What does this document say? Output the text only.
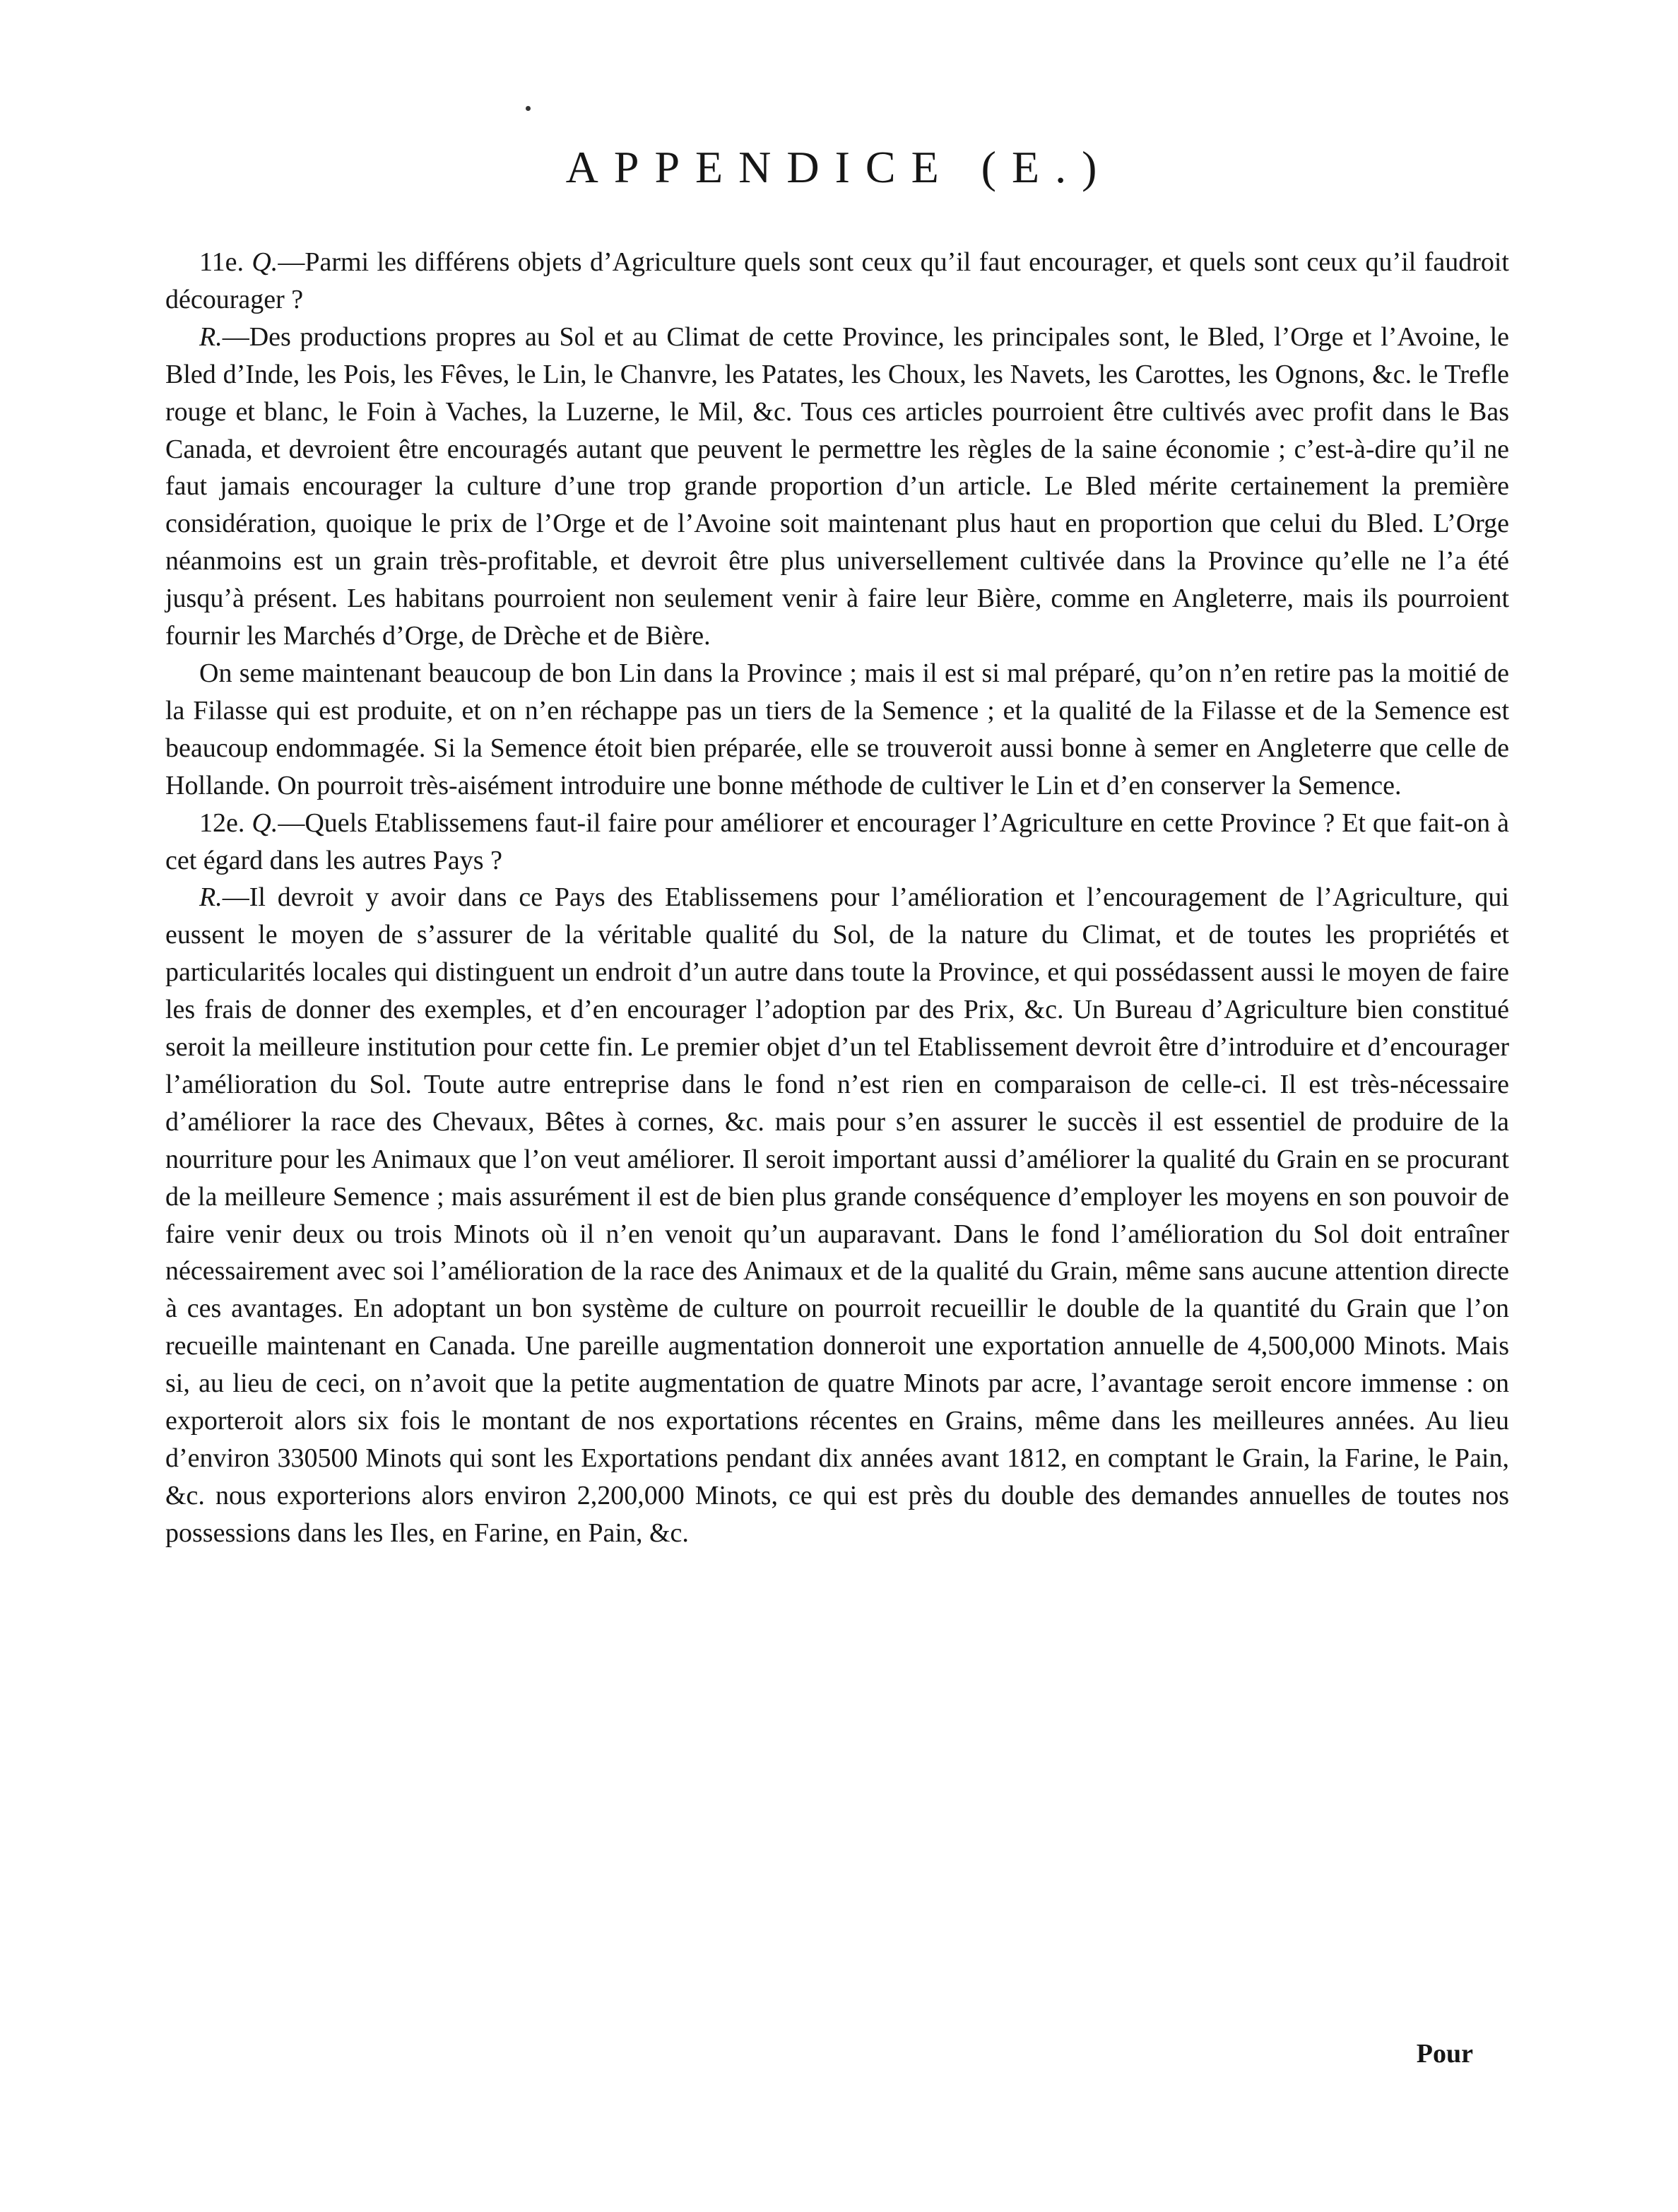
APPENDICE (E.)

11e. Q.—Parmi les différens objets d’Agriculture quels sont ceux qu’il faut encourager, et quels sont ceux qu’il faudroit décourager ?

R.—Des productions propres au Sol et au Climat de cette Province, les principales sont, le Bled, l’Orge et l’Avoine, le Bled d’Inde, les Pois, les Fêves, le Lin, le Chanvre, les Patates, les Choux, les Navets, les Carottes, les Ognons, &c. le Trefle rouge et blanc, le Foin à Vaches, la Luzerne, le Mil, &c. Tous ces articles pourroient être cultivés avec profit dans le Bas Canada, et devroient être encouragés autant que peuvent le permettre les règles de la saine économie ; c’est-à-dire qu’il ne faut jamais encourager la culture d’une trop grande proportion d’un article. Le Bled mérite certainement la première considération, quoique le prix de l’Orge et de l’Avoine soit maintenant plus haut en proportion que celui du Bled. L’Orge néanmoins est un grain très-profitable, et devroit être plus universellement cultivée dans la Province qu’elle ne l’a été jusqu’à présent. Les habitans pourroient non seulement venir à faire leur Bière, comme en Angleterre, mais ils pourroient fournir les Marchés d’Orge, de Drèche et de Bière.

On seme maintenant beaucoup de bon Lin dans la Province ; mais il est si mal préparé, qu’on n’en retire pas la moitié de la Filasse qui est produite, et on n’en réchappe pas un tiers de la Semence ; et la qualité de la Filasse et de la Semence est beaucoup endommagée. Si la Semence étoit bien préparée, elle se trouveroit aussi bonne à semer en Angleterre que celle de Hollande. On pourroit très-aisément introduire une bonne méthode de cultiver le Lin et d’en conserver la Semence.

12e. Q.—Quels Etablissemens faut-il faire pour améliorer et encourager l’Agriculture en cette Province ? Et que fait-on à cet égard dans les autres Pays ?

R.—Il devroit y avoir dans ce Pays des Etablissemens pour l’amélioration et l’encouragement de l’Agriculture, qui eussent le moyen de s’assurer de la véritable qualité du Sol, de la nature du Climat, et de toutes les propriétés et particularités locales qui distinguent un endroit d’un autre dans toute la Province, et qui possédassent aussi le moyen de faire les frais de donner des exemples, et d’en encourager l’adoption par des Prix, &c. Un Bureau d’Agriculture bien constitué seroit la meilleure institution pour cette fin. Le premier objet d’un tel Etablissement devroit être d’introduire et d’encourager l’amélioration du Sol. Toute autre entreprise dans le fond n’est rien en comparaison de celle-ci. Il est très-nécessaire d’améliorer la race des Chevaux, Bêtes à cornes, &c. mais pour s’en assurer le succès il est essentiel de produire de la nourriture pour les Animaux que l’on veut améliorer. Il seroit important aussi d’améliorer la qualité du Grain en se procurant de la meilleure Semence ; mais assurément il est de bien plus grande conséquence d’employer les moyens en son pouvoir de faire venir deux ou trois Minots où il n’en venoit qu’un auparavant. Dans le fond l’amélioration du Sol doit entraîner nécessairement avec soi l’amélioration de la race des Animaux et de la qualité du Grain, même sans aucune attention directe à ces avantages. En adoptant un bon système de culture on pourroit recueillir le double de la quantité du Grain que l’on recueille maintenant en Canada. Une pareille augmentation donneroit une exportation annuelle de 4,500,000 Minots. Mais si, au lieu de ceci, on n’avoit que la petite augmentation de quatre Minots par acre, l’avantage seroit encore immense : on exporteroit alors six fois le montant de nos exportations récentes en Grains, même dans les meilleures années. Au lieu d’environ 330500 Minots qui sont les Exportations pendant dix années avant 1812, en comptant le Grain, la Farine, le Pain, &c. nous exporterions alors environ 2,200,000 Minots, ce qui est près du double des demandes annuelles de toutes nos possessions dans les Iles, en Farine, en Pain, &c.

Pour
